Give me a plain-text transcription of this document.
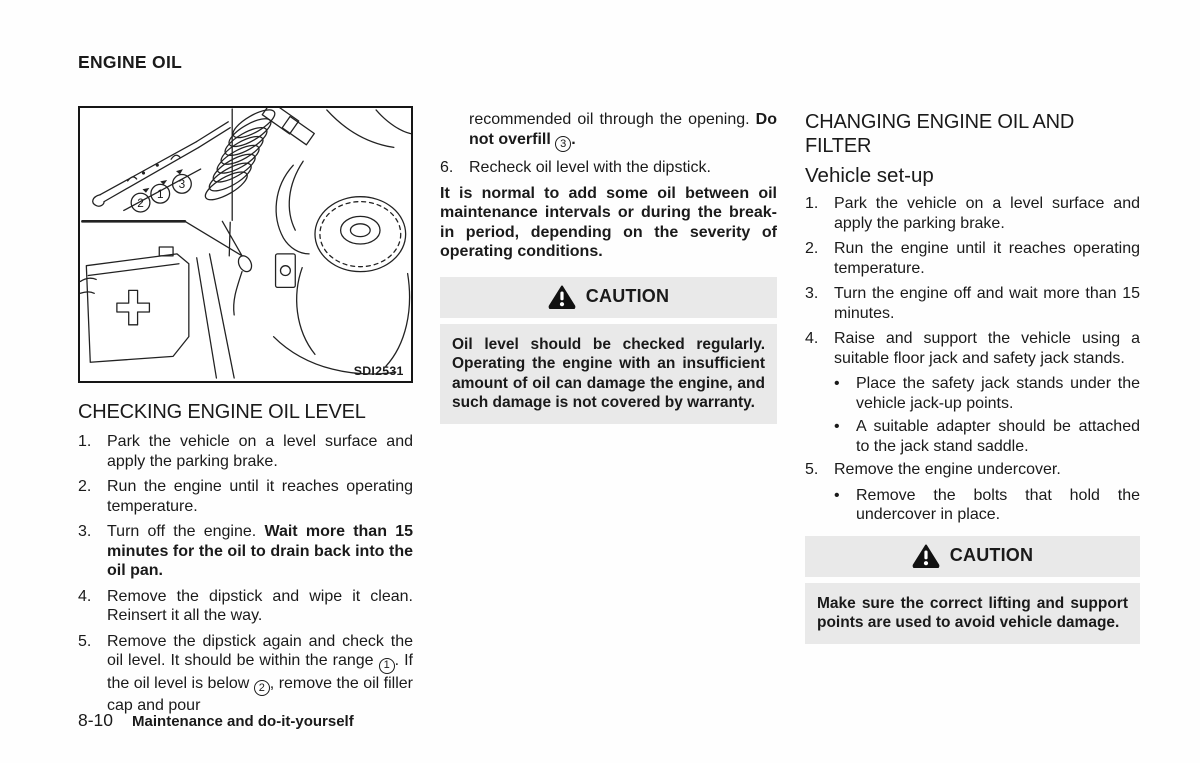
ENGINE OIL
2
1
3
SDI2531
CHECKING ENGINE OIL LEVEL
1. Park the vehicle on a level surface and apply the parking brake.
2. Run the engine until it reaches operating temperature.
3. Turn off the engine. Wait more than 15 minutes for the oil to drain back into the oil pan.
4. Remove the dipstick and wipe it clean. Reinsert it all the way.
5. Remove the dipstick again and check the oil level. It should be within the range 1 . If the oil level is below 2 , remove the oil filler cap and pour

recommended oil through the opening. Do not overfill 3 .

6. Recheck oil level with the dipstick.

It is normal to add some oil between oil maintenance intervals or during the break-in period, depending on the severity of operating conditions.

CAUTION
Oil level should be checked regularly. Operating the engine with an insufficient amount of oil can damage the engine, and such damage is not covered by warranty.
CHANGING ENGINE OIL AND FILTER
Vehicle set-up
1. Park the vehicle on a level surface and apply the parking brake.
2. Run the engine until it reaches operating temperature.
3. Turn the engine off and wait more than 15 minutes.
4. Raise and support the vehicle using a suitable floor jack and safety jack stands.
•	Place the safety jack stands under the vehicle jack-up points.
•	A suitable adapter should be attached to the jack stand saddle.
5. Remove the engine undercover.
•	Remove the bolts that hold the undercover in place.
CAUTION
Make sure the correct lifting and support points are used to avoid vehicle damage.
8-10 Maintenance and do-it-yourself
